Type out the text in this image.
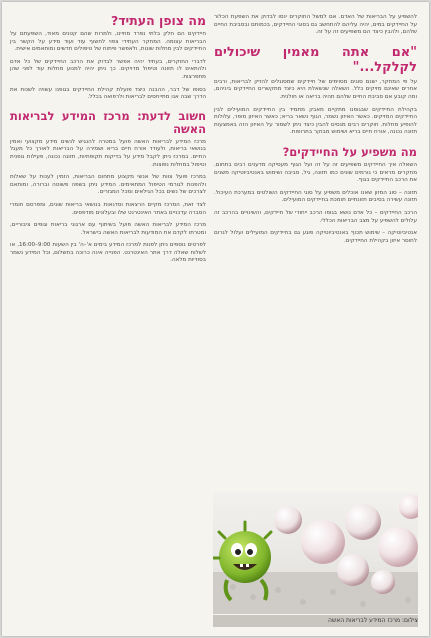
להשפיע על הבריאות של האדם. אם למשל החוקרים ינסו לבדוק את השפעת הכלור על החיידקים במים, יהיה עליהם להתחשב גם בסוגי החיידקים, בכמותם ובסביבת החיים שלהם, ולהבין כיצד הם משפיעים זה על זה.

"אם אתה מאמין שיכולים לקלקל..."

על פי המחקר, ישנם סוגים מסוימים של חיידקים שמסוגלים להזיק לבריאות, ורבים אחרים שאינם מזיקים כלל. השאלה שנשאלת היא כיצד מתקשרים החיידקים ביניהם, ומה קובע אם סביבת החיים שלהם תהיה בריאה או חולנית.

בקהילת החיידקים שבגופנו מתקיים מאבק מתמיד בין החיידקים המועילים לבין החיידקים המזיקים. כאשר האיזון נשמר, הגוף נשאר בריא; כאשר האיזון מופר, עלולות להופיע מחלות. חוקרים רבים מנסים להבין כיצד ניתן לשמור על האיזון הזה באמצעות תזונה נכונה, אורח חיים בריא ושימוש מבוקר בתרופות.

מה משפיע על החיידקים?

השאלה איך החיידקים משפיעים זה על זה ועל הגוף מעסיקה מדענים רבים בתחום. מחקרים מראים כי גורמים שונים כמו תזונה, גיל, סביבה ושימוש באנטיביוטיקה משנים את הרכב החיידקים בגוף.

תזונה – סוג המזון שאנו אוכלים משפיע על סוגי החיידקים השולטים במערכת העיכול. תזונה עשירה בסיבים תזונתיים תומכת בחיידקים המועילים.

הרכב החיידקים – כל אדם נושא בגופו הרכב ייחודי של חיידקים, והשינויים בהרכב זה עלולים להשפיע על מצב הבריאות הכללי.

אנטיביוטיקה – שימוש תכוף באנטיביוטיקה פוגע גם בחיידקים המועילים ועלול לגרום לחוסר איזון בקהילת החיידקים.

מה צופן העתיד?

חיידקים הם חלק בלתי נפרד מחיינו, ולמרות שהם קטנים מאוד, השפעתם על הבריאות עצומה. המחקר העתידי צפוי לחשוף עוד ועוד מידע על הקשר בין החיידקים לבין מחלות שונות, ולאפשר פיתוח של טיפולים חדשים ומותאמים אישית.

לדברי החוקרים, בעתיד יהיה אפשר לבדוק את הרכב החיידקים של כל אדם ולהתאים לו תזונה וטיפול מדויקים. כך ניתן יהיה למנוע מחלות עוד לפני שהן מתפרצות.

בסופו של דבר, ההבנה כיצד פועלת קהילת החיידקים בגופנו עשויה לשנות את הדרך שבה אנו מתייחסים לבריאות ולרפואה בכלל.

חשוב לדעת: מרכז המידע לבריאות האשה

מרכז המידע לבריאות האשה פועל במטרה להנגיש לנשים מידע מקצועי ואמין בנושאי בריאות, ולעודד אורח חיים בריא ושמירה על הבריאות לאורך כל מעגל החיים. במרכז ניתן לקבל מידע על בדיקות תקופתיות, תזונה נכונה, פעילות גופנית וטיפול במחלות נפוצות.

במרכז פועל צוות של אנשי מקצוע מתחום הבריאות, הזמין לענות על שאלות ולהפנות לגורמי הטיפול המתאימים. המידע ניתן בשפה פשוטה וברורה, ומותאם לצרכים של נשים בכל הגילאים ומכל המגזרים.

לצד זאת, המרכז מקיים הרצאות וסדנאות בנושאי בריאות שונים, ומפרסם חומרי הסברה עדכניים באתר האינטרנט שלו ובעלונים מודפסים.

מרכז המידע לבריאות האשה פועל בשיתוף עם ארגוני בריאות וגופים ציבוריים, ומטרתו לקדם את המודעות לבריאות האשה בישראל.

לפרטים נוספים ניתן לפנות למרכז המידע בימים א'–ה' בין השעות 9:00–16:00, או לשלוח שאלה דרך אתר האינטרנט. הפנייה אינה כרוכה בתשלום, וכל המידע נשמר בסודיות מלאה.

צילום: מרכז המידע לבריאות האשה
